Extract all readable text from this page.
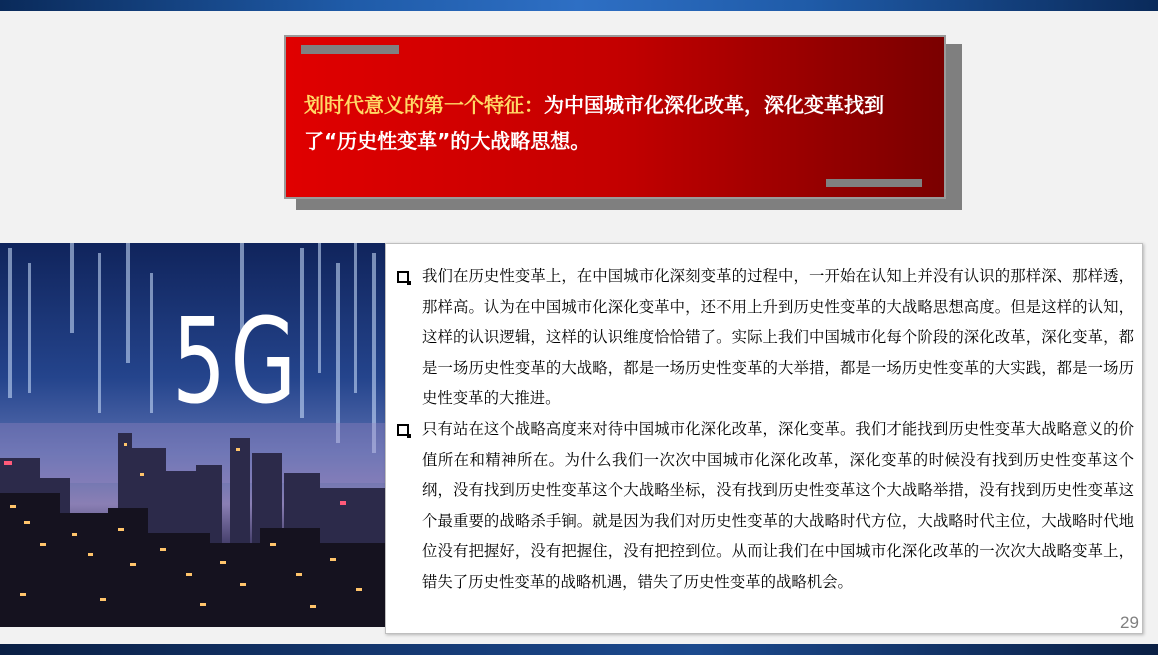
划时代意义的第一个特征：为中国城市化深化改革，深化变革找到了“历史性变革”的大战略思想。
5G
我们在历史性变革上，在中国城市化深刻变革的过程中，一开始在认知上并没有认识的那样深、那样透，那样高。认为在中国城市化深化变革中，还不用上升到历史性变革的大战略思想高度。但是这样的认知，这样的认识逻辑，这样的认识维度恰恰错了。实际上我们中国城市化每个阶段的深化改革，深化变革，都是一场历史性变革的大战略，都是一场历史性变革的大举措，都是一场历史性变革的大实践，都是一场历史性变革的大推进。
只有站在这个战略高度来对待中国城市化深化改革，深化变革。我们才能找到历史性变革大战略意义的价值所在和精神所在。为什么我们一次次中国城市化深化改革，深化变革的时候没有找到历史性变革这个纲，没有找到历史性变革这个大战略坐标，没有找到历史性变革这个大战略举措，没有找到历史性变革这个最重要的战略杀手锏。就是因为我们对历史性变革的大战略时代方位，大战略时代主位，大战略时代地位没有把握好，没有把握住，没有把控到位。从而让我们在中国城市化深化改革的一次次大战略变革上，错失了历史性变革的战略机遇，错失了历史性变革的战略机会。
29
